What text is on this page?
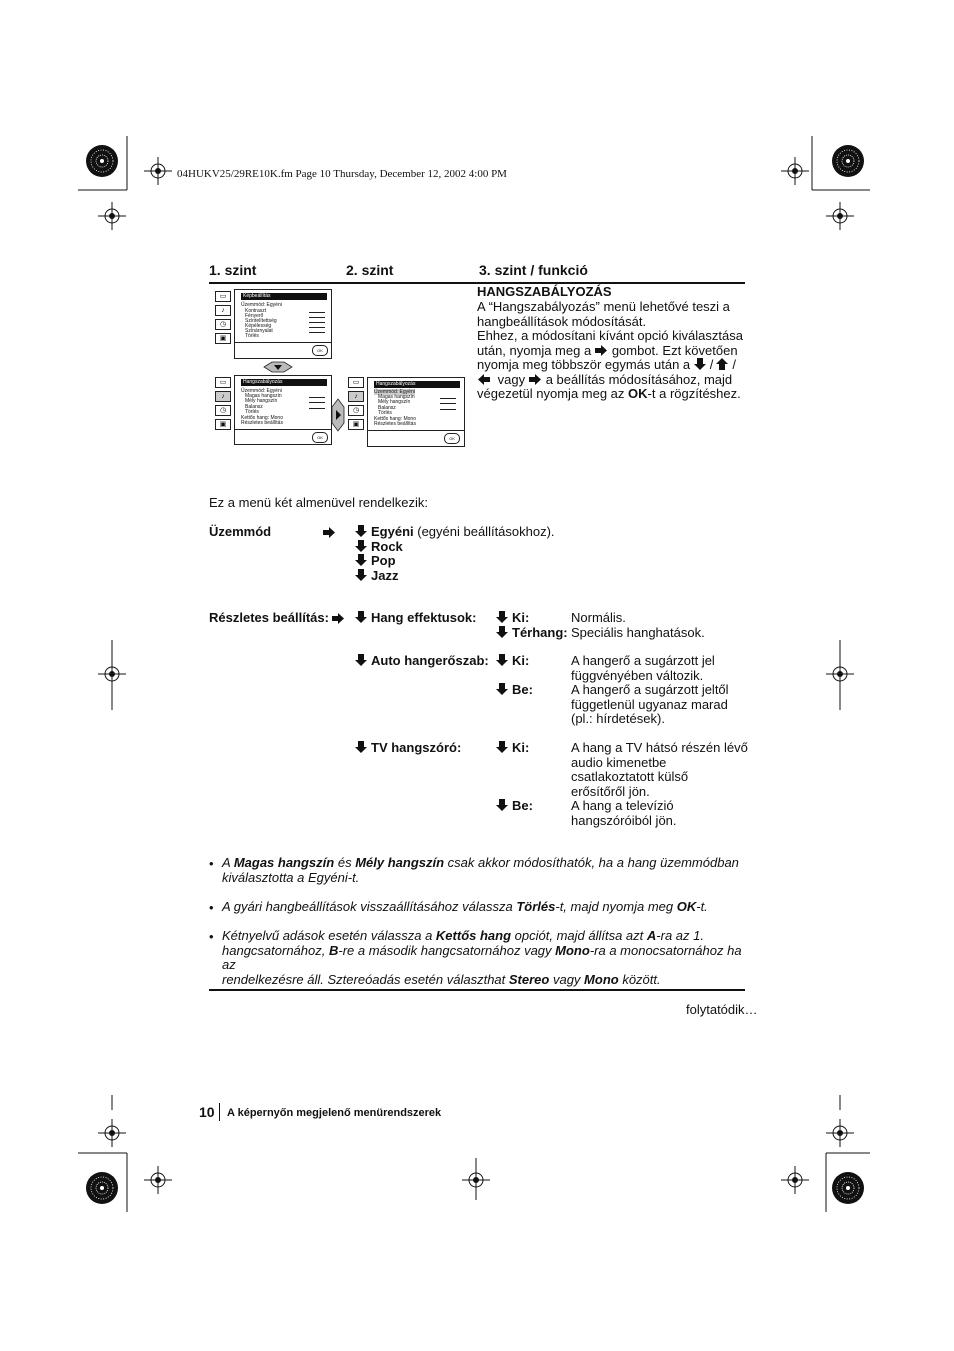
04HUKV25/29RE10K.fm Page 10 Thursday, December 12, 2002 4:00 PM
1. szint	2. szint	3. szint / funkció
▭
♪
◷
▣
Képbeállítás
Üzemmód: Egyéni
Kontraszt
Fényerő
Színtelítettség
Képélesség
Színárnyalat
Törlés
OK
▭
♪
◷
▣
Hangszabályozás
Üzemmód: Egyéni
Magas hangszín
Mély hangszín
Balansz
Törlés
Kettős hang: Mono
Részletes beállítás
OK
▭
♪
◷
▣
Hangszabályozás
Üzemmód: Egyéni
Magas hangszín
Mély hangszín
Balansz
Törlés
Kettős hang: Mono
Részletes beállítás
OK
HANGSZABÁLYOZÁS
A “Hangszabályozás” menü lehetővé teszi a
hangbeállítások módosítását.
Ehhez, a módosítani kívánt opció kiválasztása
után, nyomja meg a gombot. Ezt követően
nyomja meg többször egymás után a / /
vagy a beállítás módosításához, majd
végezetül nyomja meg az OK-t a rögzítéshez.
Ez a menü két almenüvel rendelkezik:
Üzemmód	Egyéni (egyéni beállításokhoz).
Rock
Pop
Jazz
Részletes beállítás:	Hang effektusok:	Ki:	Normális.
Térhang: Speciális hanghatások.
Auto hangerőszab:	Ki:	A hangerő a sugárzott jel
függvényében változik.
Be:	A hangerő a sugárzott jeltől
függetlenül ugyanaz marad
(pl.: hírdetések).
TV hangszóró:	Ki:	A hang a TV hátsó részén lévő
audio kimenetbe
csatlakoztatott külső
erősítőről jön.
Be:	A hang a televízió
hangszóróiból jön.
• A Magas hangszín és Mély hangszín csak akkor módosíthatók, ha a hang üzemmódban
kiválasztotta a Egyéni-t.
• A gyári hangbeállítások visszaállításához válassza Törlés-t, majd nyomja meg OK-t.
• Kétnyelvű adások esetén válassza a Kettős hang opciót, majd állítsa azt A-ra az 1.
hangcsatornához, B-re a második hangcsatornához vagy Mono-ra a monocsatornához ha az
rendelkezésre áll. Sztereóadás esetén választhat Stereo vagy Mono között.
folytatódik…
10 A képernyőn megjelenő menürendszerek
